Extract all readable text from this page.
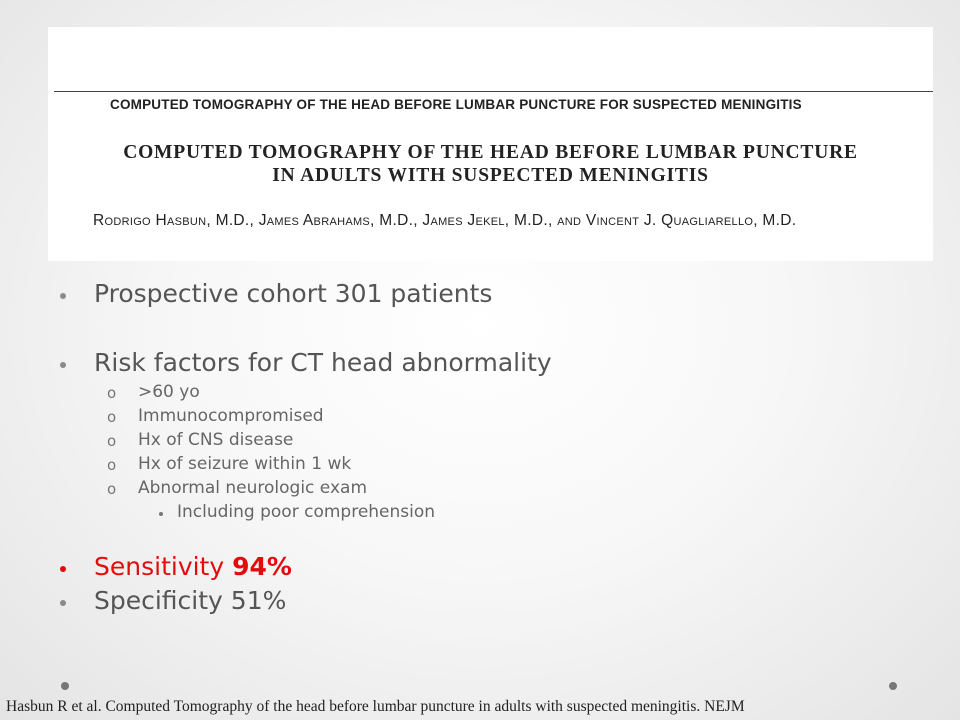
COMPUTED TOMOGRAPHY OF THE HEAD BEFORE LUMBAR PUNCTURE FOR SUSPECTED MENINGITIS
COMPUTED TOMOGRAPHY OF THE HEAD BEFORE LUMBAR PUNCTURE
IN ADULTS WITH SUSPECTED MENINGITIS
Rodrigo Hasbun, M.D., James Abrahams, M.D., James Jekel, M.D., and Vincent J. Quagliarello, M.D.
Prospective cohort 301 patients
Risk factors for CT head abnormality
o >60 yo
o Immunocompromised
o Hx of CNS disease
o Hx of seizure within 1 wk
o Abnormal neurologic exam
Including poor comprehension
Sensitivity 94%
Specificity 51%
Hasbun R et al. Computed Tomography of the head before lumbar puncture in adults with suspected meningitis. NEJM
